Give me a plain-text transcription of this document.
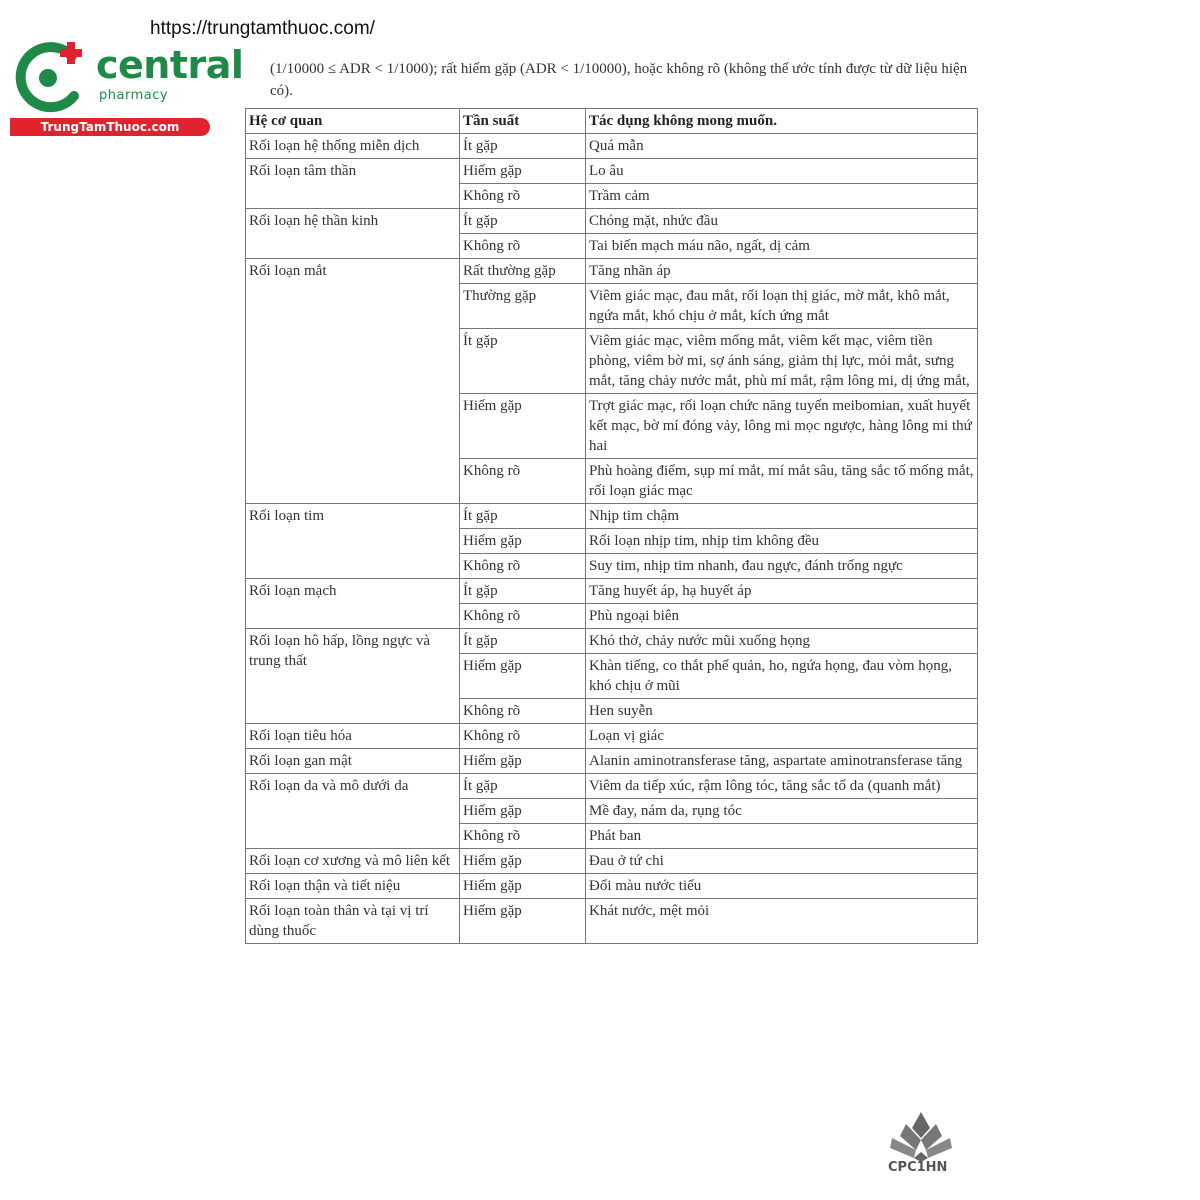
https://trungtamthuoc.com/
central
pharmacy
TrungTamThuoc.com
(1/10000 ≤ ADR < 1/1000); rất hiếm gặp (ADR < 1/10000), hoặc không rõ (không thể ước tính được từ dữ liệu hiện có).
Hệ cơ quan	Tần suất	Tác dụng không mong muốn.
Rối loạn hệ thống miễn dịch	Ít gặp	Quá mẫn
Rối loạn tâm thần	Hiếm gặp	Lo âu
	Không rõ	Trầm cảm
Rối loạn hệ thần kinh	Ít gặp	Chóng mặt, nhức đầu
	Không rõ	Tai biến mạch máu não, ngất, dị cảm
Rối loạn mắt	Rất thường gặp	Tăng nhãn áp
	Thường gặp	Viêm giác mạc, đau mắt, rối loạn thị giác, mờ mắt, khô mắt, ngứa mắt, khó chịu ở mắt, kích ứng mắt
	Ít gặp	Viêm giác mạc, viêm mống mắt, viêm kết mạc, viêm tiền phòng, viêm bờ mi, sợ ánh sáng, giảm thị lực, mỏi mắt, sưng mắt, tăng chảy nước mắt, phù mí mắt, rậm lông mi, dị ứng mắt,
	Hiếm gặp	Trợt giác mạc, rối loạn chức năng tuyến meibomian, xuất huyết kết mạc, bờ mí đóng vảy, lông mi mọc ngược, hàng lông mi thứ hai
	Không rõ	Phù hoàng điểm, sụp mí mắt, mí mắt sâu, tăng sắc tố mống mắt, rối loạn giác mạc
Rối loạn tim	Ít gặp	Nhịp tim chậm
	Hiếm gặp	Rối loạn nhịp tim, nhịp tim không đều
	Không rõ	Suy tim, nhịp tim nhanh, đau ngực, đánh trống ngực
Rối loạn mạch	Ít gặp	Tăng huyết áp, hạ huyết áp
	Không rõ	Phù ngoại biên
Rối loạn hô hấp, lồng ngực và trung thất	Ít gặp	Khó thở, chảy nước mũi xuống họng
	Hiếm gặp	Khàn tiếng, co thắt phế quản, ho, ngứa họng, đau vòm họng, khó chịu ở mũi
	Không rõ	Hen suyễn
Rối loạn tiêu hóa	Không rõ	Loạn vị giác
Rối loạn gan mật	Hiếm gặp	Alanin aminotransferase tăng, aspartate aminotransferase tăng
Rối loạn da và mô dưới da	Ít gặp	Viêm da tiếp xúc, rậm lông tóc, tăng sắc tố da (quanh mắt)
	Hiếm gặp	Mề đay, nám da, rụng tóc
	Không rõ	Phát ban
Rối loạn cơ xương và mô liên kết	Hiếm gặp	Đau ở tứ chi
Rối loạn thận và tiết niệu	Hiếm gặp	Đổi màu nước tiểu
Rối loạn toàn thân và tại vị trí dùng thuốc	Hiếm gặp	Khát nước, mệt mỏi
CPC1HN
